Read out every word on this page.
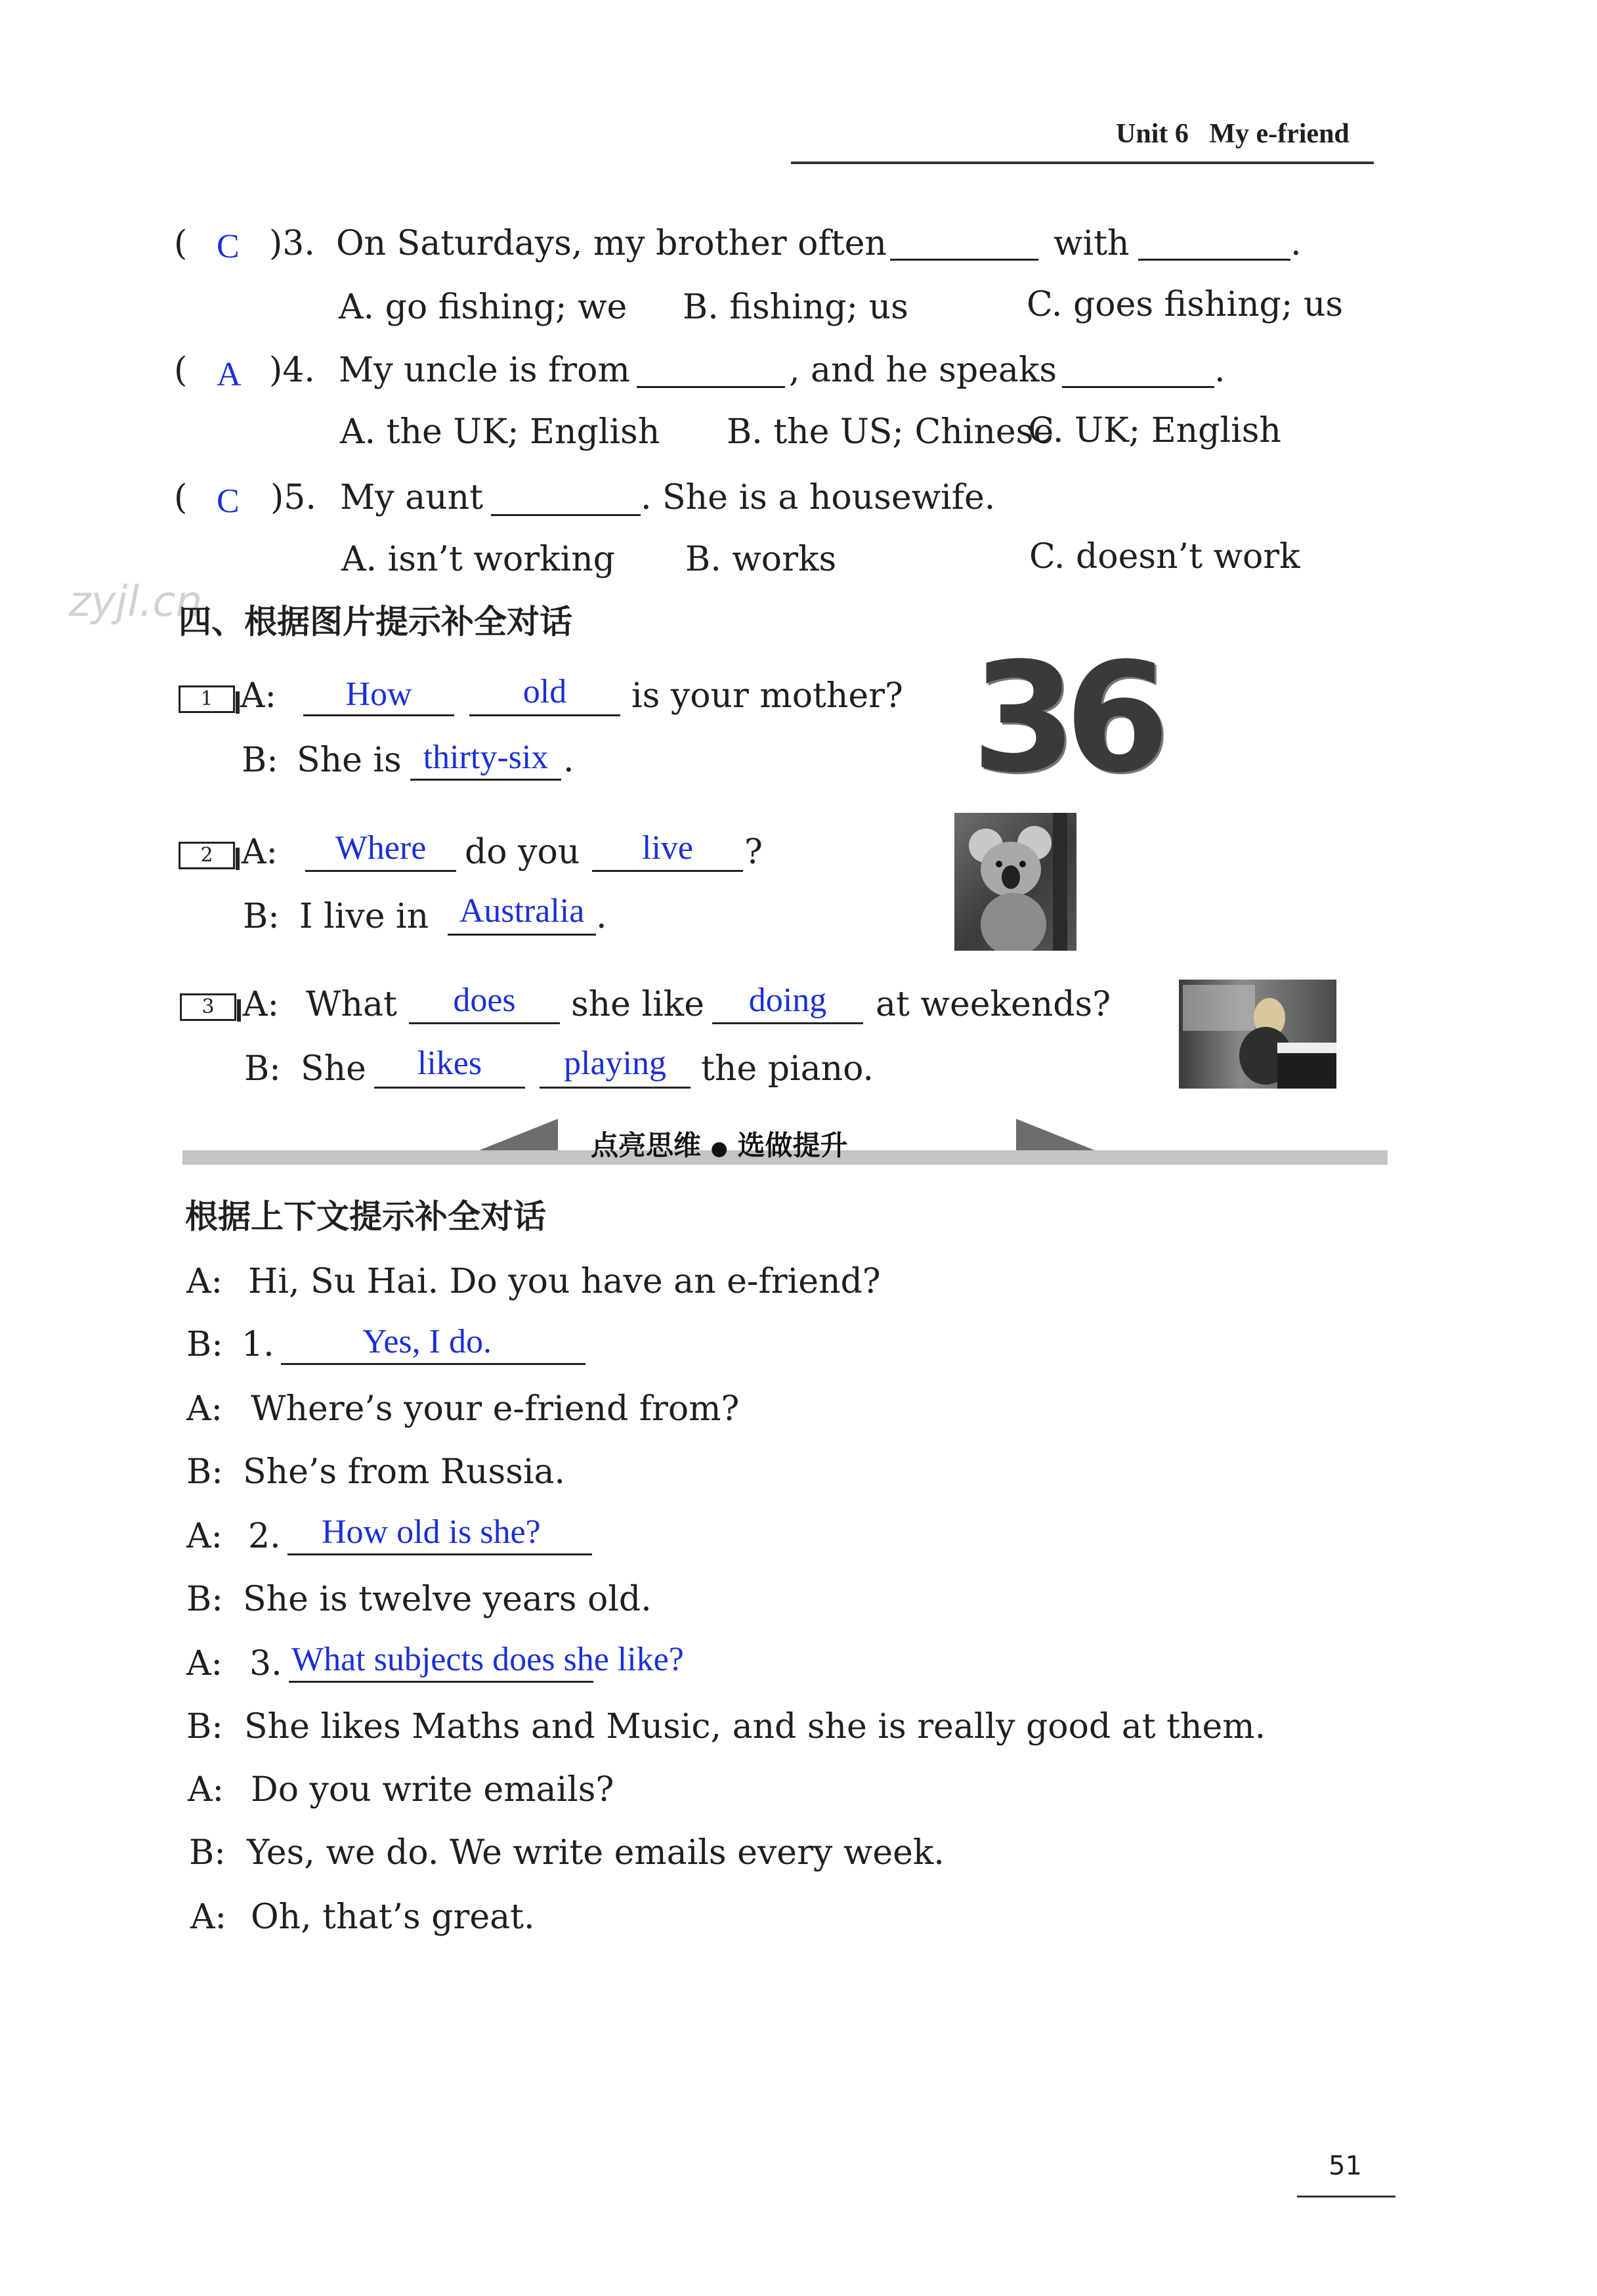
Unit 6 My e-friend
( C )3. On Saturdays, my brother often	with	.
A. go fishing; we B. fishing; us	C. goes fishing; us
( A )4. My uncle is from	, and he speaks	.
A. the UK; English B. the US; Chinese
C. UK; English
( C )5. My aunt	. She is a housewife.
A. isn’t working B. works	C. doesn’t work
zyjl.cn
四、根据图片提示补全对话
1 A:	How	old	is your mother?
B: She is thirty-six .	36
2 A:	Where	do you	live	?
B: I live in Australia .
3 A: What	does	she like	doing	at weekends?
B: She	likes	playing	the piano.
点亮思维 ● 选做提升
根据上下文提示补全对话
A: Hi, Su Hai. Do you have an e-friend?
B: 1.	Yes, I do.
A: Where’s your e-friend from?
B: She’s from Russia.
A: 2. How old is she?
B: She is twelve years old.
A: 3. What subjects does she like?
B: She likes Maths and Music, and she is really good at them.
A: Do you write emails?
B: Yes, we do. We write emails every week.
A: Oh, that’s great.
51
